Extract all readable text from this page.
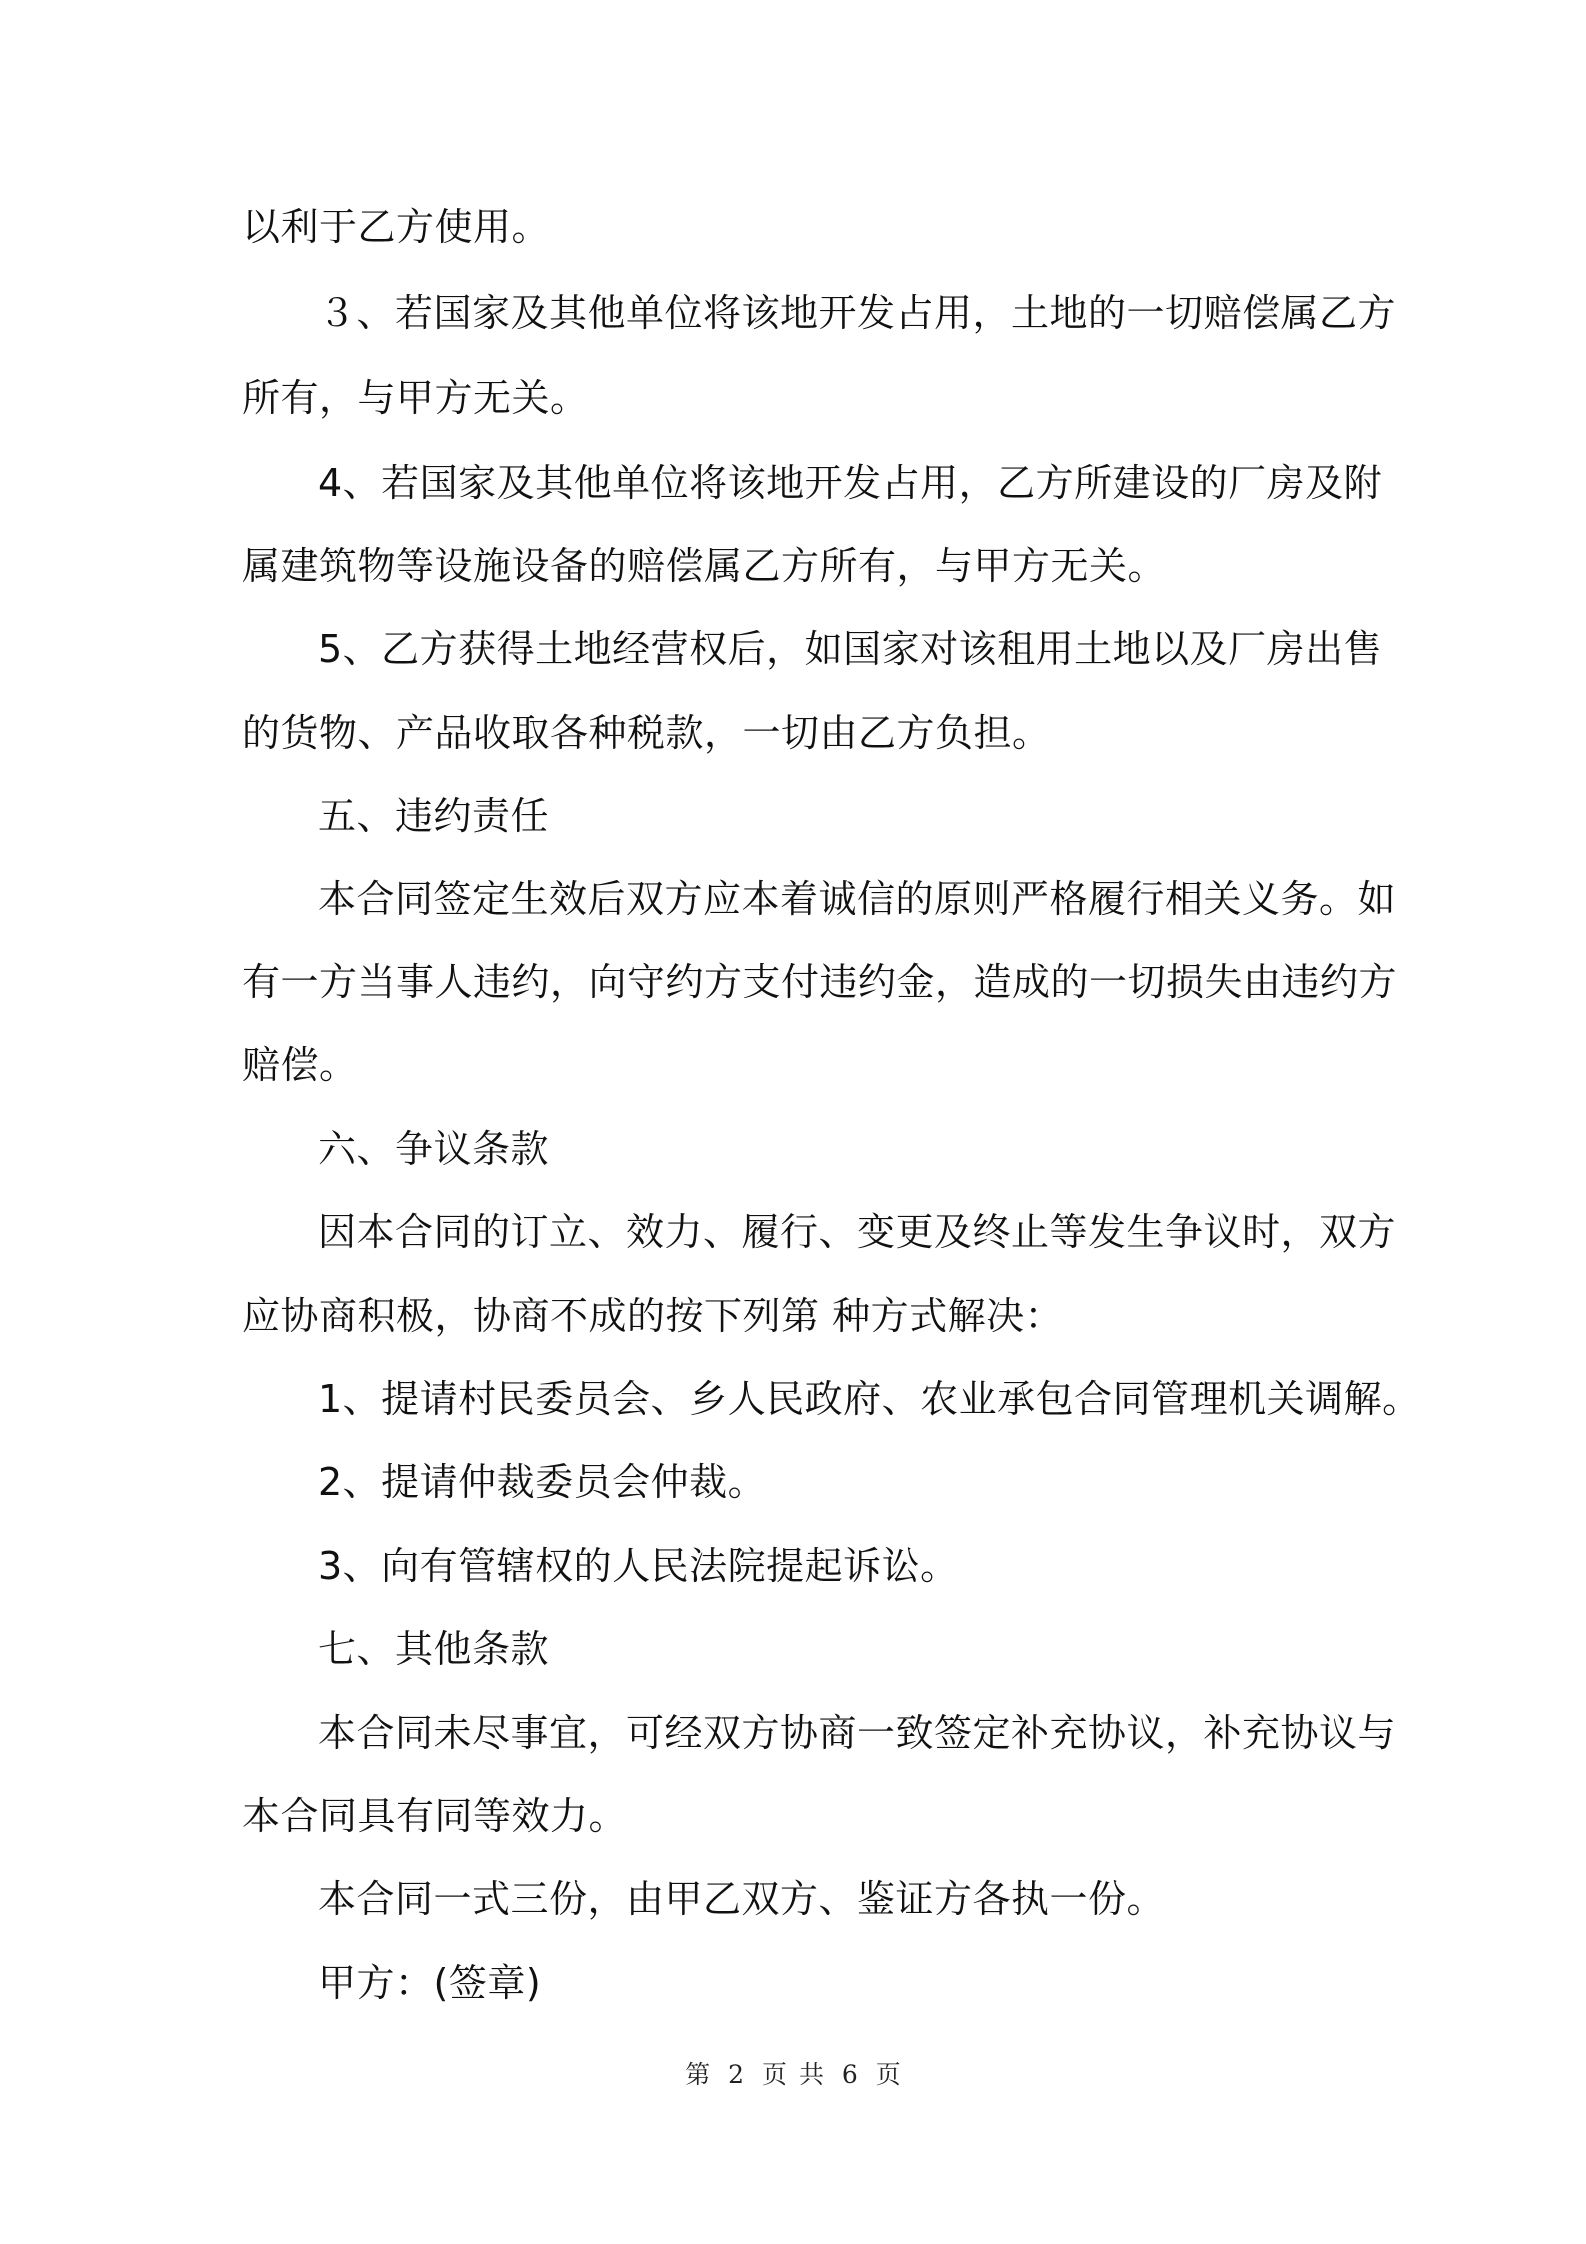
以利于乙方使用。
３、若国家及其他单位将该地开发占用，土地的一切赔偿属乙方
所有，与甲方无关。
4、若国家及其他单位将该地开发占用，乙方所建设的厂房及附
属建筑物等设施设备的赔偿属乙方所有，与甲方无关。
5、乙方获得土地经营权后，如国家对该租用土地以及厂房出售
的货物、产品收取各种税款，一切由乙方负担。
五、违约责任
本合同签定生效后双方应本着诚信的原则严格履行相关义务。如
有一方当事人违约，向守约方支付违约金，造成的一切损失由违约方
赔偿。
六、争议条款
因本合同的订立、效力、履行、变更及终止等发生争议时，双方
应协商积极，协商不成的按下列第 种方式解决：
1、提请村民委员会、乡人民政府、农业承包合同管理机关调解。
2、提请仲裁委员会仲裁。
3、向有管辖权的人民法院提起诉讼。
七、其他条款
本合同未尽事宜，可经双方协商一致签定补充协议，补充协议与
本合同具有同等效力。
本合同一式三份，由甲乙双方、鉴证方各执一份。
甲方：(签章)
第 2 页 共 6 页
